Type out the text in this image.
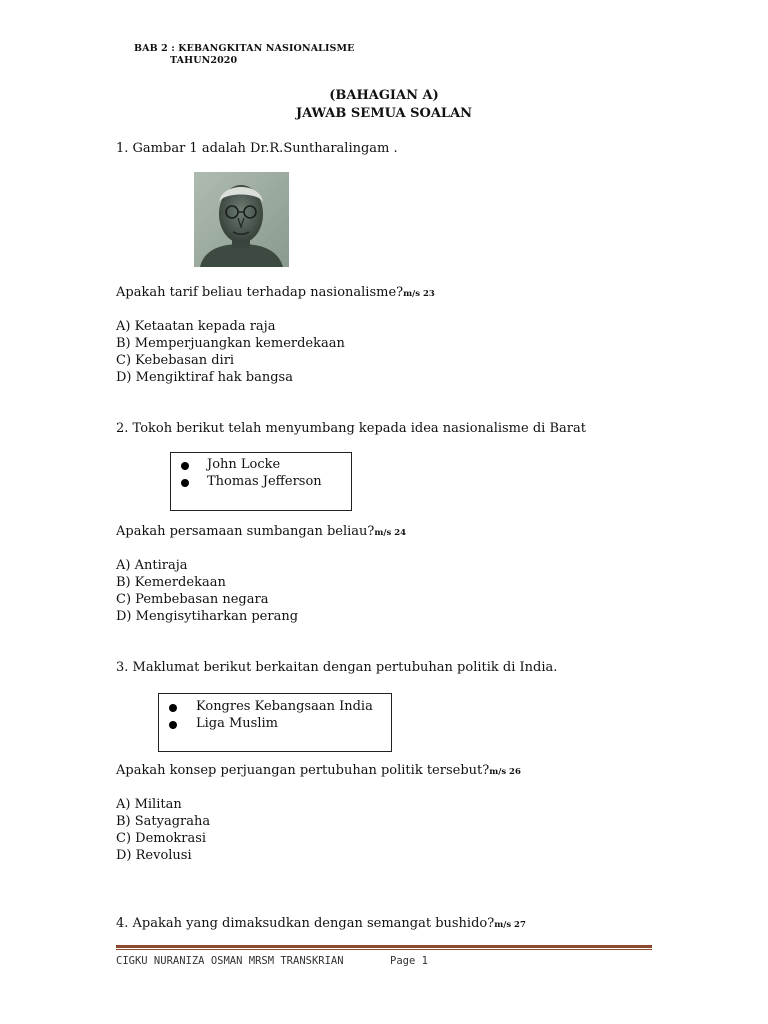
BAB 2 : KEBANGKITAN NASIONALISME
TAHUN2020
(BAHAGIAN A)
JAWAB SEMUA SOALAN
1. Gambar 1 adalah Dr.R.Suntharalingam .
Apakah tarif beliau terhadap nasionalisme?m/s 23
A) Ketaatan kepada raja
B) Memperjuangkan kemerdekaan
C) Kebebasan diri
D) Mengiktiraf hak bangsa
2. Tokoh berikut telah menyumbang kepada idea nasionalisme di Barat
John Locke
Thomas Jefferson
Apakah persamaan sumbangan beliau?m/s 24
A) Antiraja
B) Kemerdekaan
C) Pembebasan negara
D) Mengisytiharkan perang
3. Maklumat berikut berkaitan dengan pertubuhan politik di India.
Kongres Kebangsaan India
Liga Muslim
Apakah konsep perjuangan pertubuhan politik tersebut?m/s 26
A) Militan
B) Satyagraha
C) Demokrasi
D) Revolusi
4. Apakah yang dimaksudkan dengan semangat bushido?m/s 27
CIGKU NURANIZA OSMAN MRSM TRANSKRIAN	Page 1
